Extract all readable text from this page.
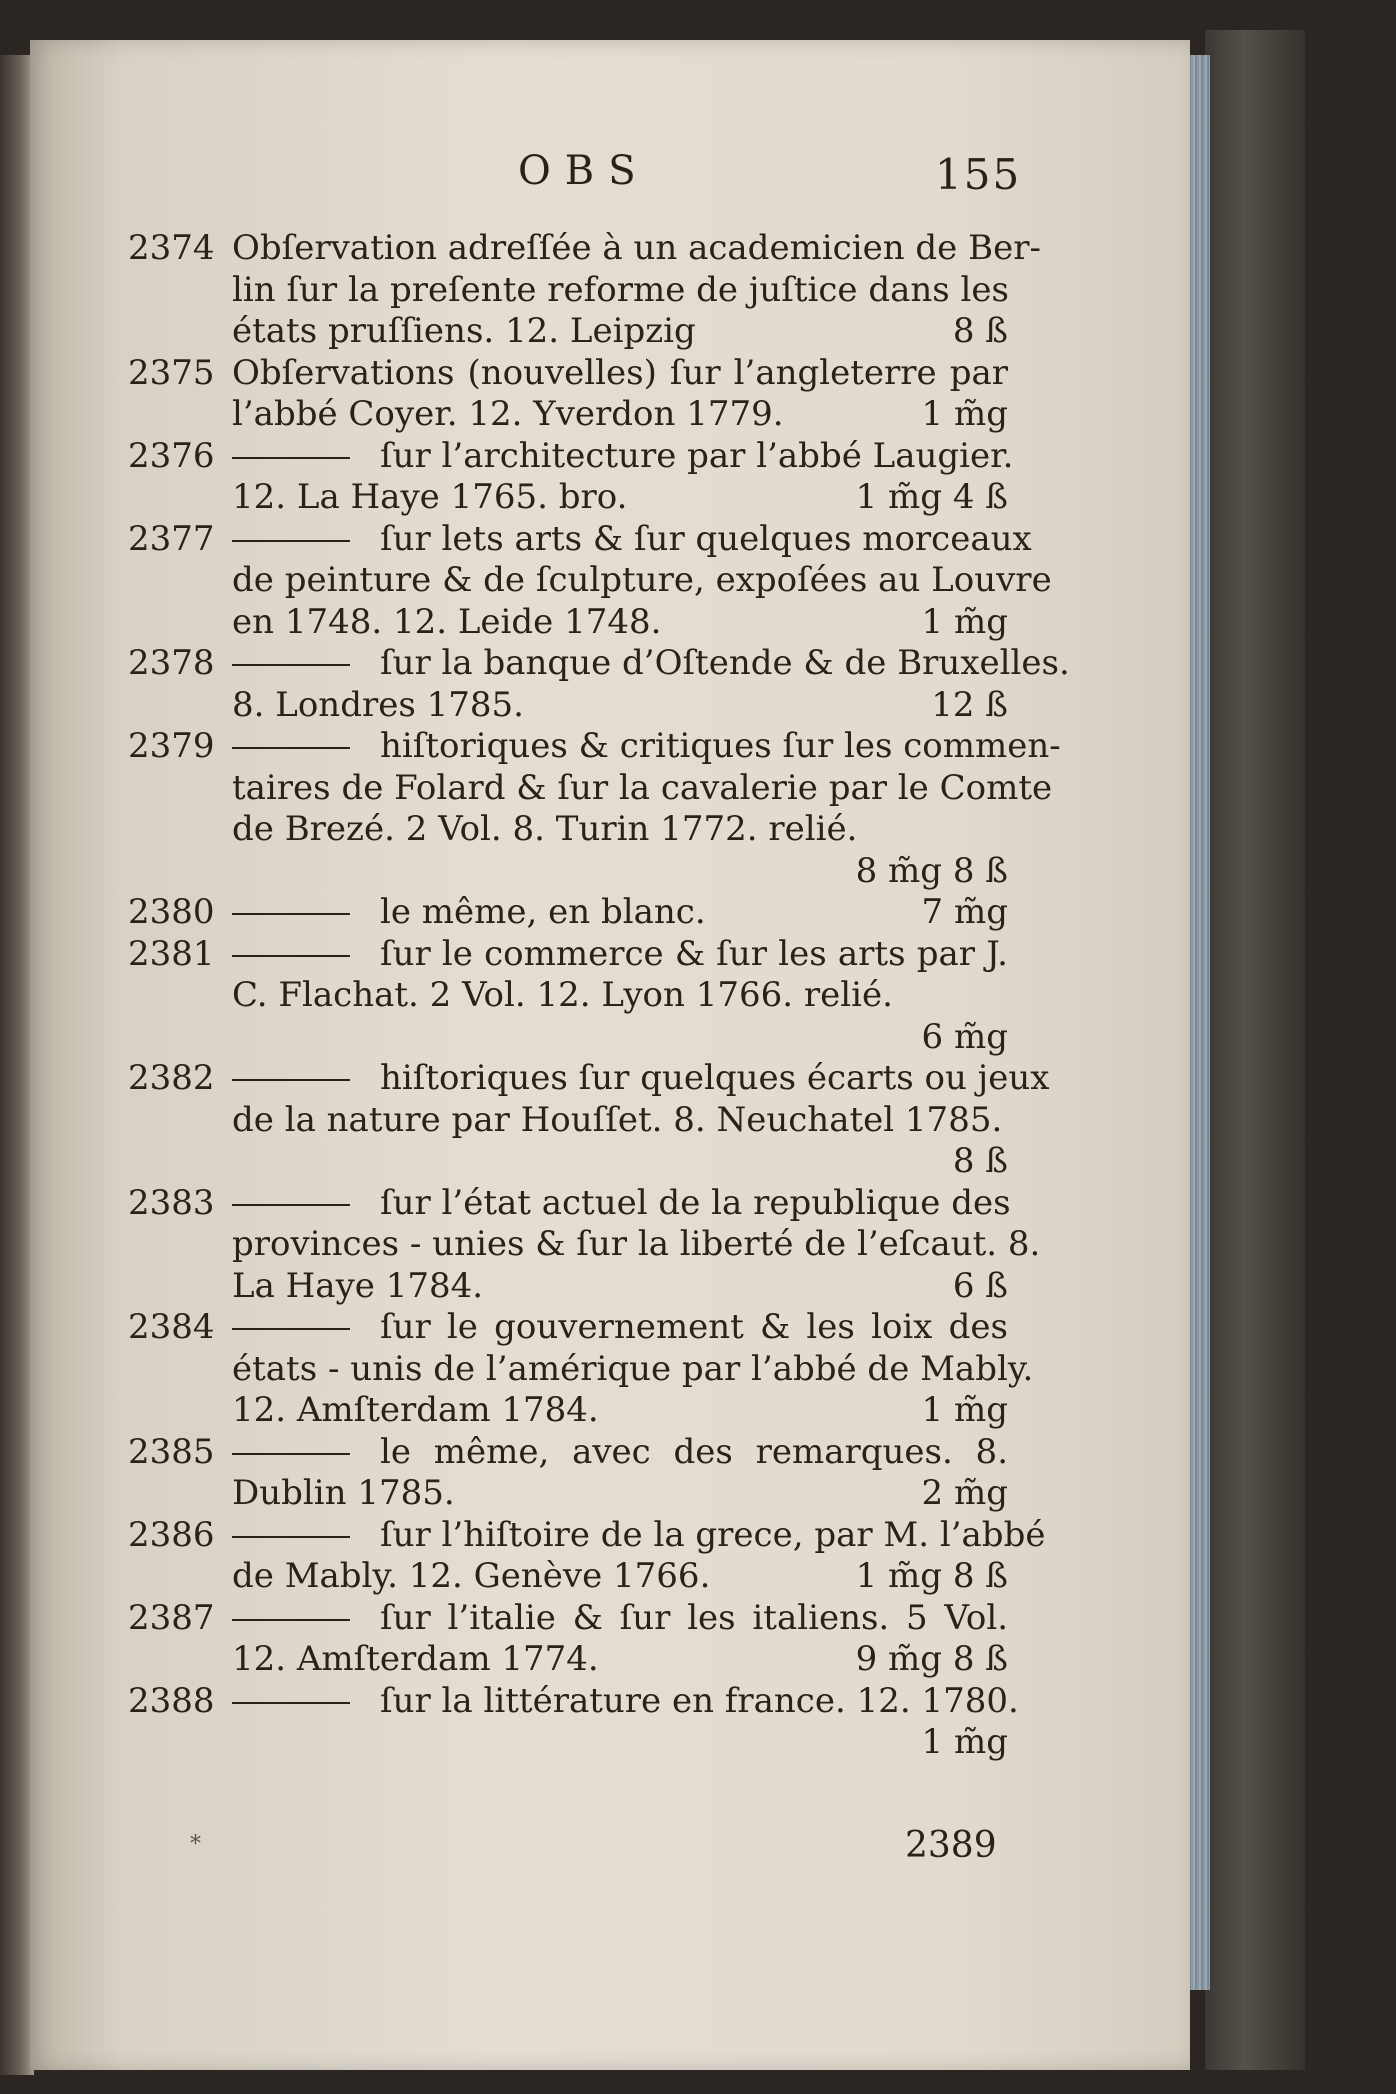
OBS	155
2374 Obſervation adreſſée à un academicien de Ber-
lin ſur la preſente reforme de juſtice dans les
états pruſſiens. 12. Leipzig	8 ß
2375 Obſervations (nouvelles) ſur l’angleterre par
l’abbé Coyer. 12. Yverdon 1779.	1 m̃g
2376	ſur l’architecture par l’abbé Laugier.
12. La Haye 1765. bro.	1 m̃g 4 ß
2377	ſur lets arts & ſur quelques morceaux
de peinture & de ſculpture, expoſées au Louvre
en 1748. 12. Leide 1748.	1 m̃g
2378	ſur la banque d’Oſtende & de Bruxelles.
8. Londres 1785.	12 ß
2379	hiſtoriques & critiques ſur les commen-
taires de Folard & ſur la cavalerie par le Comte
de Brezé. 2 Vol. 8. Turin 1772. relié.
8 m̃g 8 ß
2380	le même, en blanc.	7 m̃g
2381	ſur le commerce & ſur les arts par J.
C. Flachat. 2 Vol. 12. Lyon 1766. relié.
6 m̃g
2382	hiſtoriques ſur quelques écarts ou jeux
de la nature par Houſſet. 8. Neuchatel 1785.
8 ß
2383	ſur l’état actuel de la republique des
provinces - unies & ſur la liberté de l’eſcaut. 8.
La Haye 1784.	6 ß
2384	ſur le gouvernement & les loix des
états - unis de l’amérique par l’abbé de Mably.
12. Amſterdam 1784.	1 m̃g
2385	le même, avec des remarques. 8.
Dublin 1785.	2 m̃g
2386	ſur l’hiſtoire de la grece, par M. l’abbé
de Mably. 12. Genève 1766.	1 m̃g 8 ß
2387	ſur l’italie & ſur les italiens. 5 Vol.
12. Amſterdam 1774.	9 m̃g 8 ß
2388	ſur la littérature en france. 12. 1780.
1 m̃g
*	2389
